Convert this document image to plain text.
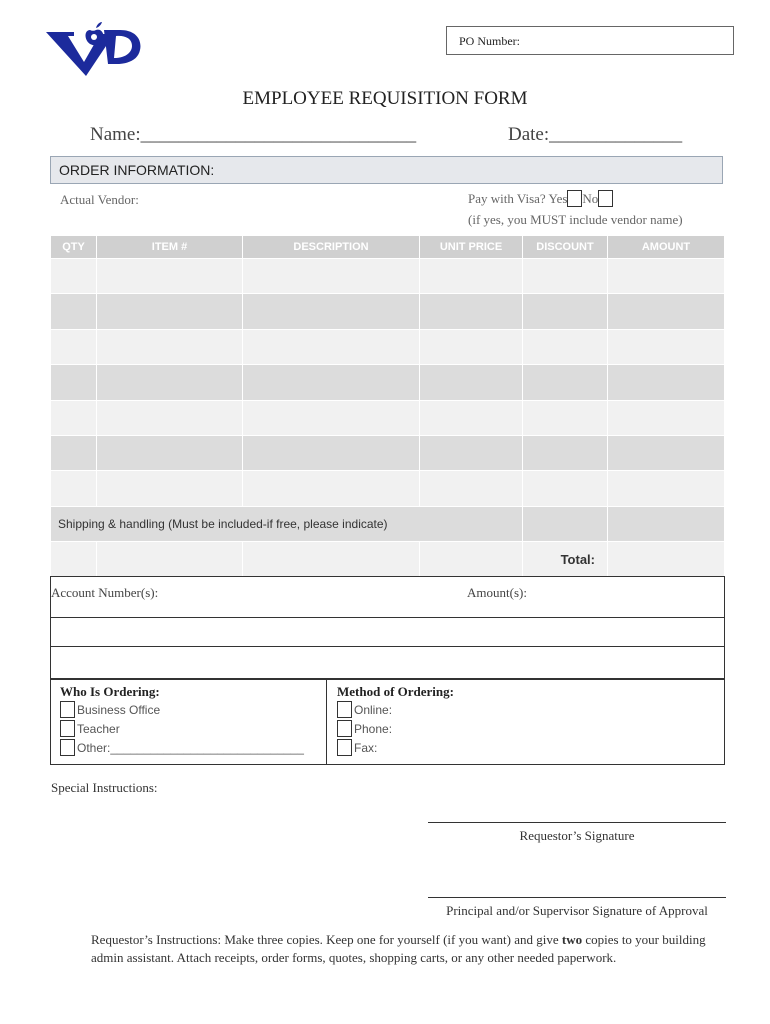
PO Number:
EMPLOYEE REQUISITION FORM
Name:_____________________________	Date:______________
ORDER INFORMATION:
Actual Vendor:	Pay with Visa? Yes No
(if yes, you MUST include vendor name)
QTY	ITEM #	DESCRIPTION	UNIT PRICE	DISCOUNT	AMOUNT

Shipping & handling (Must be included-if free, please indicate)					
				Total:	
Account Number(s):	Amount(s):
Who Is Ordering:
Business Office
Teacher
Other:_____________________________
Method of Ordering:
Online:
Phone:
Fax:
Special Instructions:
Requestor’s Signature
Principal and/or Supervisor Signature of Approval
Requestor’s Instructions: Make three copies. Keep one for yourself (if you want) and give two copies to your building admin assistant. Attach receipts, order forms, quotes, shopping carts, or any other needed paperwork.
